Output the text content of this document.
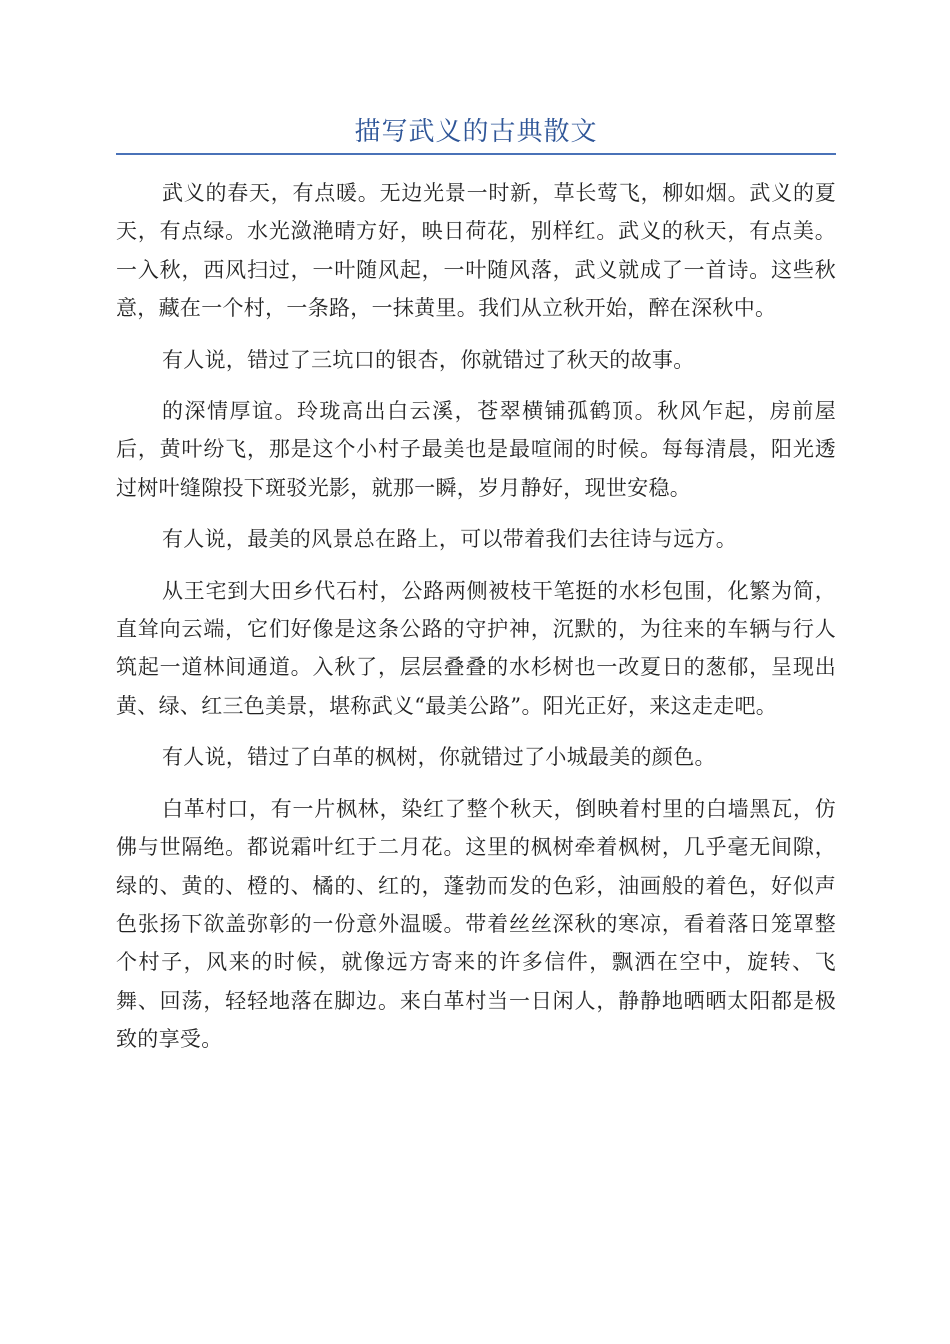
描写武义的古典散文

武义的春天，有点暖。无边光景一时新，草长莺飞，柳如烟。武义的夏天，有点绿。水光潋滟晴方好，映日荷花，别样红。武义的秋天，有点美。一入秋，西风扫过，一叶随风起，一叶随风落，武义就成了一首诗。这些秋意，藏在一个村，一条路，一抹黄里。我们从立秋开始，醉在深秋中。

有人说，错过了三坑口的银杏，你就错过了秋天的故事。

的深情厚谊。玲珑高出白云溪，苍翠横铺孤鹤顶。秋风乍起，房前屋后，黄叶纷飞，那是这个小村子最美也是最喧闹的时候。每每清晨，阳光透过树叶缝隙投下斑驳光影，就那一瞬，岁月静好，现世安稳。

有人说，最美的风景总在路上，可以带着我们去往诗与远方。

从王宅到大田乡代石村，公路两侧被枝干笔挺的水杉包围，化繁为简，直耸向云端，它们好像是这条公路的守护神，沉默的，为往来的车辆与行人筑起一道林间通道。入秋了，层层叠叠的水杉树也一改夏日的葱郁，呈现出黄、绿、红三色美景，堪称武义“最美公路”。阳光正好，来这走走吧。

有人说，错过了白革的枫树，你就错过了小城最美的颜色。

白革村口，有一片枫林，染红了整个秋天，倒映着村里的白墙黑瓦，仿佛与世隔绝。都说霜叶红于二月花。这里的枫树牵着枫树，几乎毫无间隙，绿的、黄的、橙的、橘的、红的，蓬勃而发的色彩，油画般的着色，好似声色张扬下欲盖弥彰的一份意外温暖。带着丝丝深秋的寒凉，看着落日笼罩整个村子，风来的时候，就像远方寄来的许多信件，飘洒在空中，旋转、飞舞、回荡，轻轻地落在脚边。来白革村当一日闲人，静静地晒晒太阳都是极致的享受。
